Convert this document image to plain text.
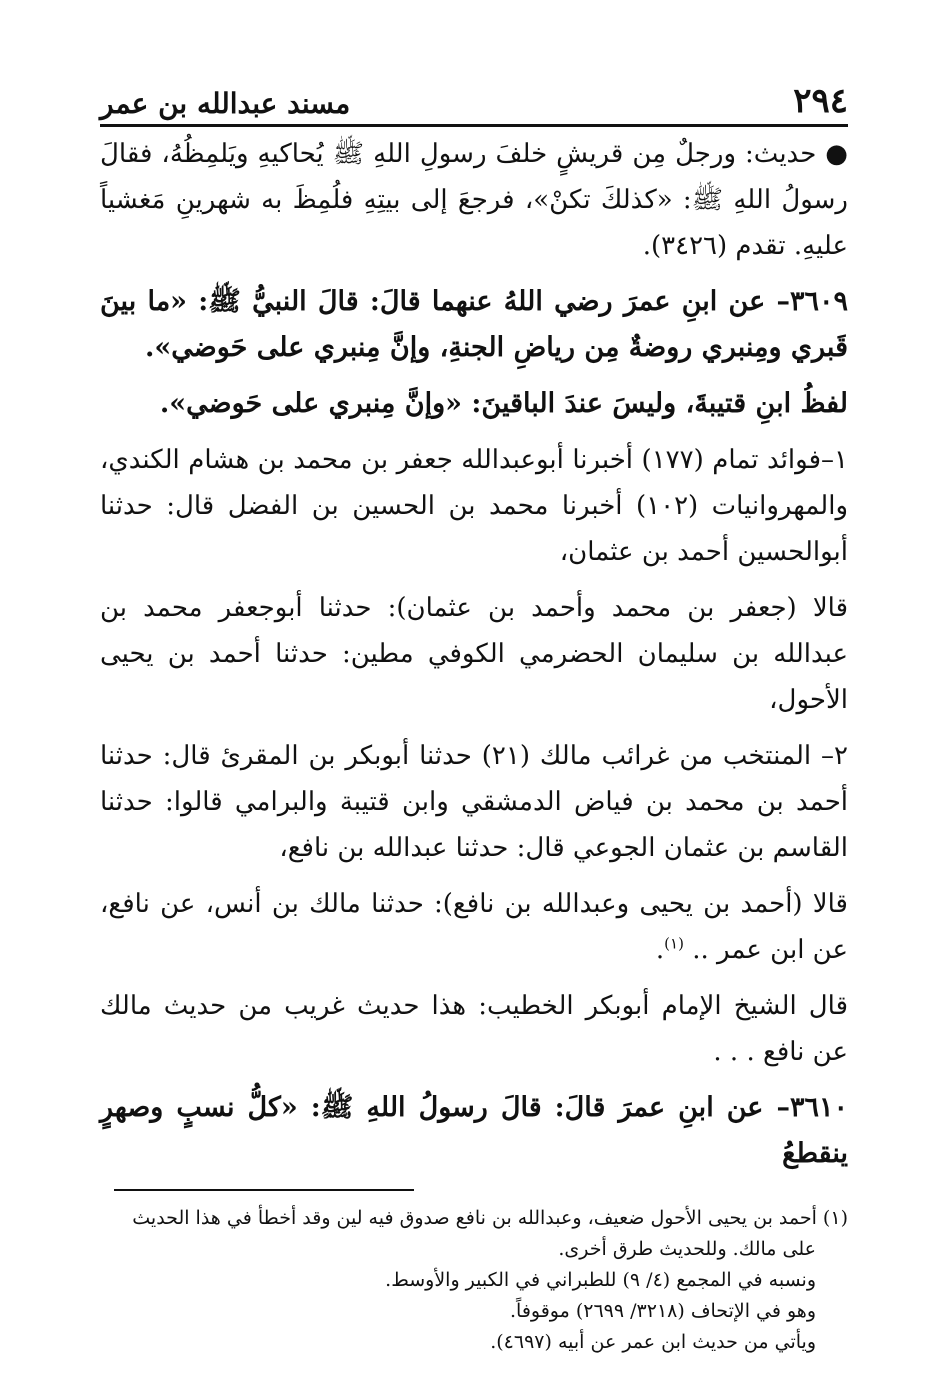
٢٩٤
مسند عبدالله بن عمر

● حديث: ورجلٌ مِن قريشٍ خلفَ رسولِ اللهِ ﷺ يُحاكيهِ ويَلمِظُهُ، فقالَ رسولُ اللهِ ﷺ: «كذلكَ تكنْ»، فرجعَ إلى بيتِهِ فلُمِظَ به شهرينِ مَغشياً عليهِ. تقدم (٣٤٢٦).

٣٦٠٩– عن ابنِ عمرَ رضي اللهُ عنهما قالَ: قالَ النبيُّ ﷺ: «ما بينَ قَبري ومِنبري روضةٌ مِن رياضِ الجنةِ، وإنَّ مِنبري على حَوضي».

لفظُ ابنِ قتيبةَ، وليسَ عندَ الباقينَ: «وإنَّ مِنبري على حَوضي».

١–فوائد تمام (١٧٧) أخبرنا أبوعبدالله جعفر بن محمد بن هشام الكندي، والمهروانيات (١٠٢) أخبرنا محمد بن الحسين بن الفضل قال: حدثنا أبوالحسين أحمد بن عثمان،

قالا (جعفر بن محمد وأحمد بن عثمان): حدثنا أبوجعفر محمد بن عبدالله بن سليمان الحضرمي الكوفي مطين: حدثنا أحمد بن يحيى الأحول،

٢– المنتخب من غرائب مالك (٢١) حدثنا أبوبكر بن المقرئ قال: حدثنا أحمد بن محمد بن فياض الدمشقي وابن قتيبة والبرامي قالوا: حدثنا القاسم بن عثمان الجوعي قال: حدثنا عبدالله بن نافع،

قالا (أحمد بن يحيى وعبدالله بن نافع): حدثنا مالك بن أنس، عن نافع، عن ابن عمر .. $^{(١)}$.

قال الشيخ الإمام أبوبكر الخطيب: هذا حديث غريب من حديث مالك عن نافع . . .

٣٦١٠– عن ابنِ عمرَ قالَ: قالَ رسولُ اللهِ ﷺ: «كلُّ نسبٍ وصهرٍ ينقطعُ

(١) أحمد بن يحيى الأحول ضعيف، وعبدالله بن نافع صدوق فيه لين وقد أخطأ في هذا الحديث

على مالك. وللحديث طرق أخرى.

ونسبه في المجمع (٤/ ٩) للطبراني في الكبير والأوسط.

وهو في الإتحاف (٣٢١٨/ ٢٦٩٩) موقوفاً.

ويأتي من حديث ابن عمر عن أبيه (٤٦٩٧).
